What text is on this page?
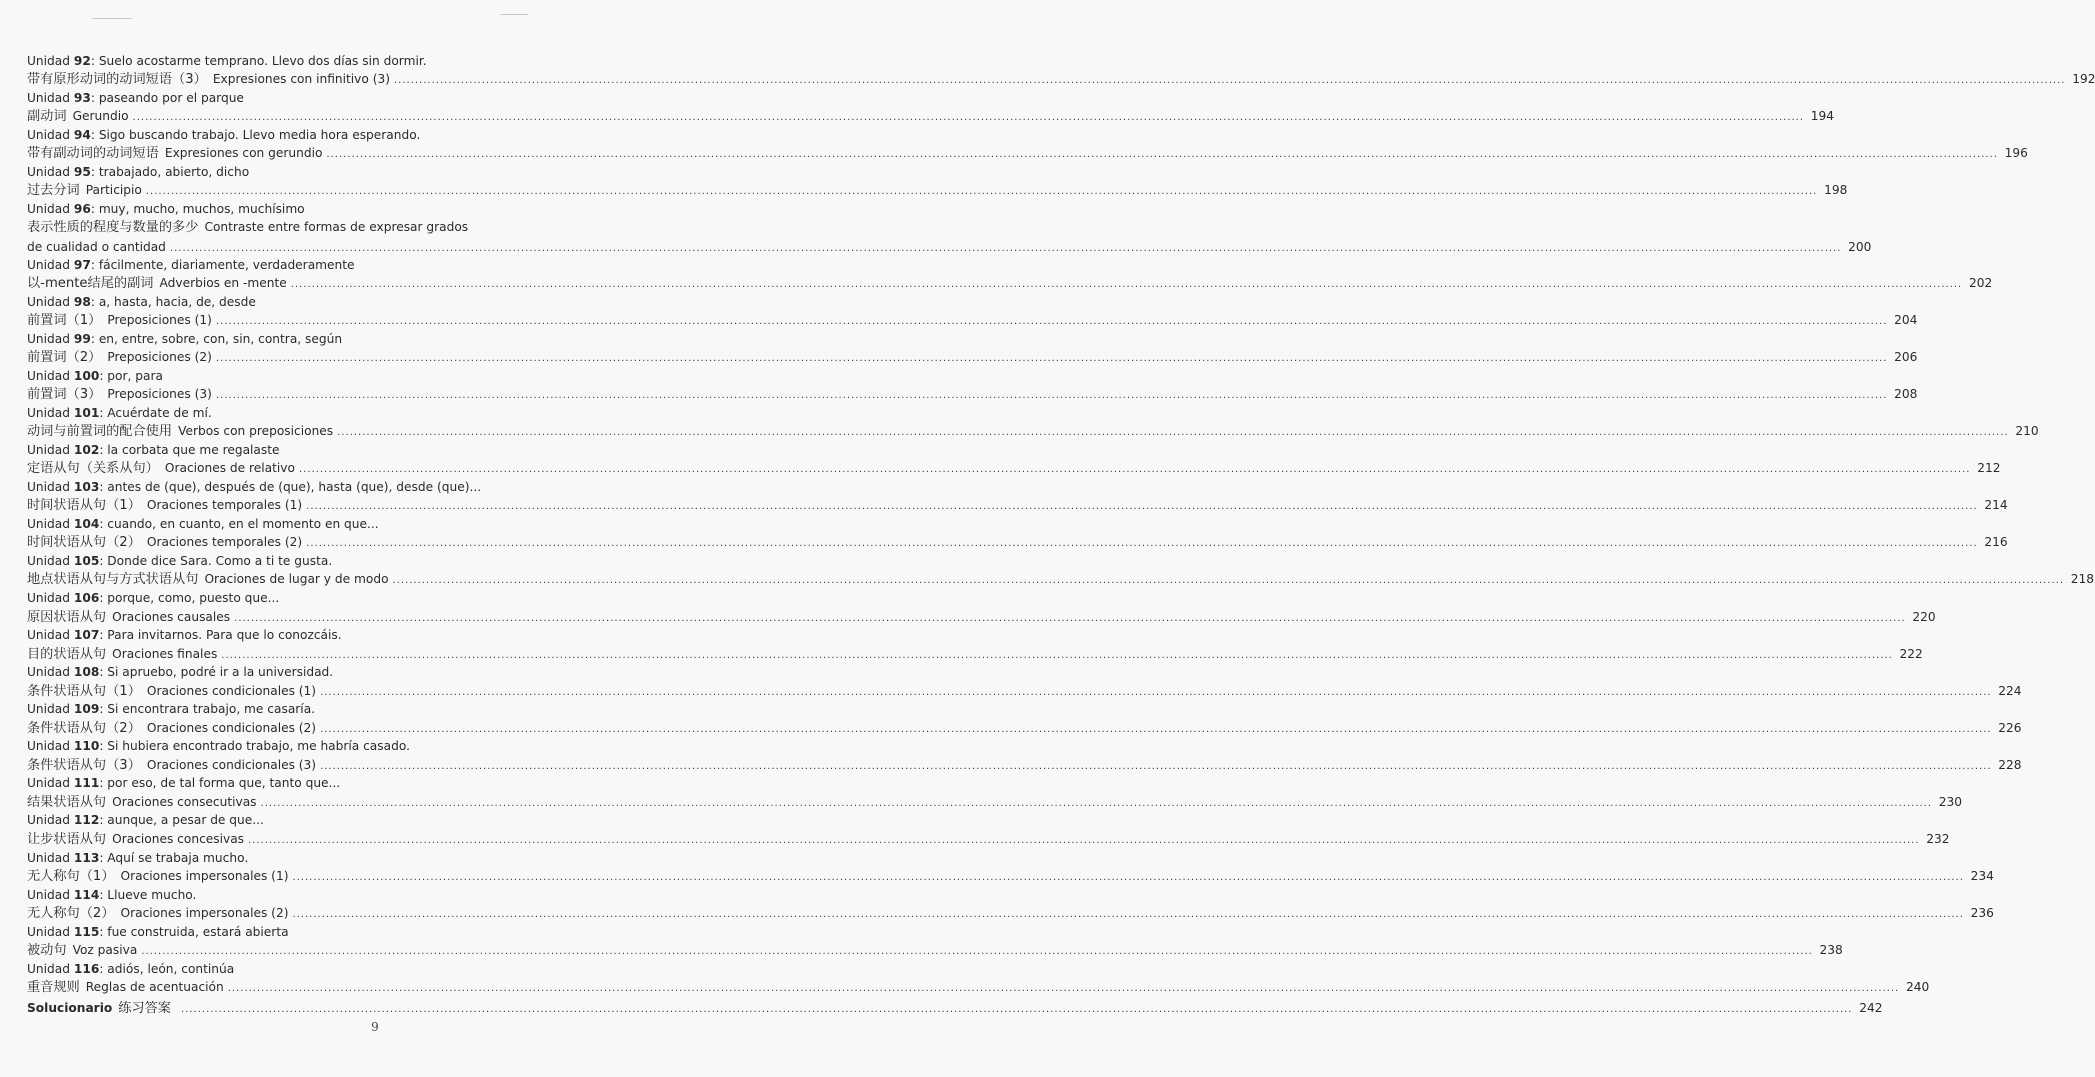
Unidad 92: Suelo acostarme temprano. Llevo dos días sin dormir.
带有原形动词的动词短语（3） Expresiones con infinitivo (3) ................................................................................................................................................................................................................................................................................................................................................................................................................ 192
Unidad 93: paseando por el parque
副动词 Gerundio ................................................................................................................................................................................................................................................................................................................................................................................................................ 194
Unidad 94: Sigo buscando trabajo. Llevo media hora esperando.
带有副动词的动词短语 Expresiones con gerundio ................................................................................................................................................................................................................................................................................................................................................................................................................ 196
Unidad 95: trabajado, abierto, dicho
过去分词 Participio ................................................................................................................................................................................................................................................................................................................................................................................................................ 198
Unidad 96: muy, mucho, muchos, muchísimo
表示性质的程度与数量的多少 Contraste entre formas de expresar grados
de cualidad o cantidad ................................................................................................................................................................................................................................................................................................................................................................................................................ 200
Unidad 97: fácilmente, diariamente, verdaderamente
以-mente结尾的副词 Adverbios en -mente ................................................................................................................................................................................................................................................................................................................................................................................................................ 202
Unidad 98: a, hasta, hacia, de, desde
前置词（1） Preposiciones (1) ................................................................................................................................................................................................................................................................................................................................................................................................................ 204
Unidad 99: en, entre, sobre, con, sin, contra, según
前置词（2） Preposiciones (2) ................................................................................................................................................................................................................................................................................................................................................................................................................ 206
Unidad 100: por, para
前置词（3） Preposiciones (3) ................................................................................................................................................................................................................................................................................................................................................................................................................ 208
Unidad 101: Acuérdate de mí.
动词与前置词的配合使用 Verbos con preposiciones ................................................................................................................................................................................................................................................................................................................................................................................................................ 210
Unidad 102: la corbata que me regalaste
定语从句（关系从句） Oraciones de relativo ................................................................................................................................................................................................................................................................................................................................................................................................................ 212
Unidad 103: antes de (que), después de (que), hasta (que), desde (que)...
时间状语从句（1） Oraciones temporales (1) ................................................................................................................................................................................................................................................................................................................................................................................................................ 214
Unidad 104: cuando, en cuanto, en el momento en que...
时间状语从句（2） Oraciones temporales (2) ................................................................................................................................................................................................................................................................................................................................................................................................................ 216
Unidad 105: Donde dice Sara. Como a ti te gusta.
地点状语从句与方式状语从句 Oraciones de lugar y de modo ................................................................................................................................................................................................................................................................................................................................................................................................................ 218
Unidad 106: porque, como, puesto que...
原因状语从句 Oraciones causales ................................................................................................................................................................................................................................................................................................................................................................................................................ 220
Unidad 107: Para invitarnos. Para que lo conozcáis.
目的状语从句 Oraciones finales ................................................................................................................................................................................................................................................................................................................................................................................................................ 222
Unidad 108: Si apruebo, podré ir a la universidad.
条件状语从句（1） Oraciones condicionales (1) ................................................................................................................................................................................................................................................................................................................................................................................................................ 224
Unidad 109: Si encontrara trabajo, me casaría.
条件状语从句（2） Oraciones condicionales (2) ................................................................................................................................................................................................................................................................................................................................................................................................................ 226
Unidad 110: Si hubiera encontrado trabajo, me habría casado.
条件状语从句（3） Oraciones condicionales (3) ................................................................................................................................................................................................................................................................................................................................................................................................................ 228
Unidad 111: por eso, de tal forma que, tanto que...
结果状语从句 Oraciones consecutivas ................................................................................................................................................................................................................................................................................................................................................................................................................ 230
Unidad 112: aunque, a pesar de que...
让步状语从句 Oraciones concesivas ................................................................................................................................................................................................................................................................................................................................................................................................................ 232
Unidad 113: Aquí se trabaja mucho.
无人称句（1） Oraciones impersonales (1) ................................................................................................................................................................................................................................................................................................................................................................................................................ 234
Unidad 114: Llueve mucho.
无人称句（2） Oraciones impersonales (2) ................................................................................................................................................................................................................................................................................................................................................................................................................ 236
Unidad 115: fue construida, estará abierta
被动句 Voz pasiva ................................................................................................................................................................................................................................................................................................................................................................................................................ 238
Unidad 116: adiós, león, continúa
重音规则 Reglas de acentuación ................................................................................................................................................................................................................................................................................................................................................................................................................ 240
Solucionario 练习答案 ................................................................................................................................................................................................................................................................................................................................................................................................................ 242
9
